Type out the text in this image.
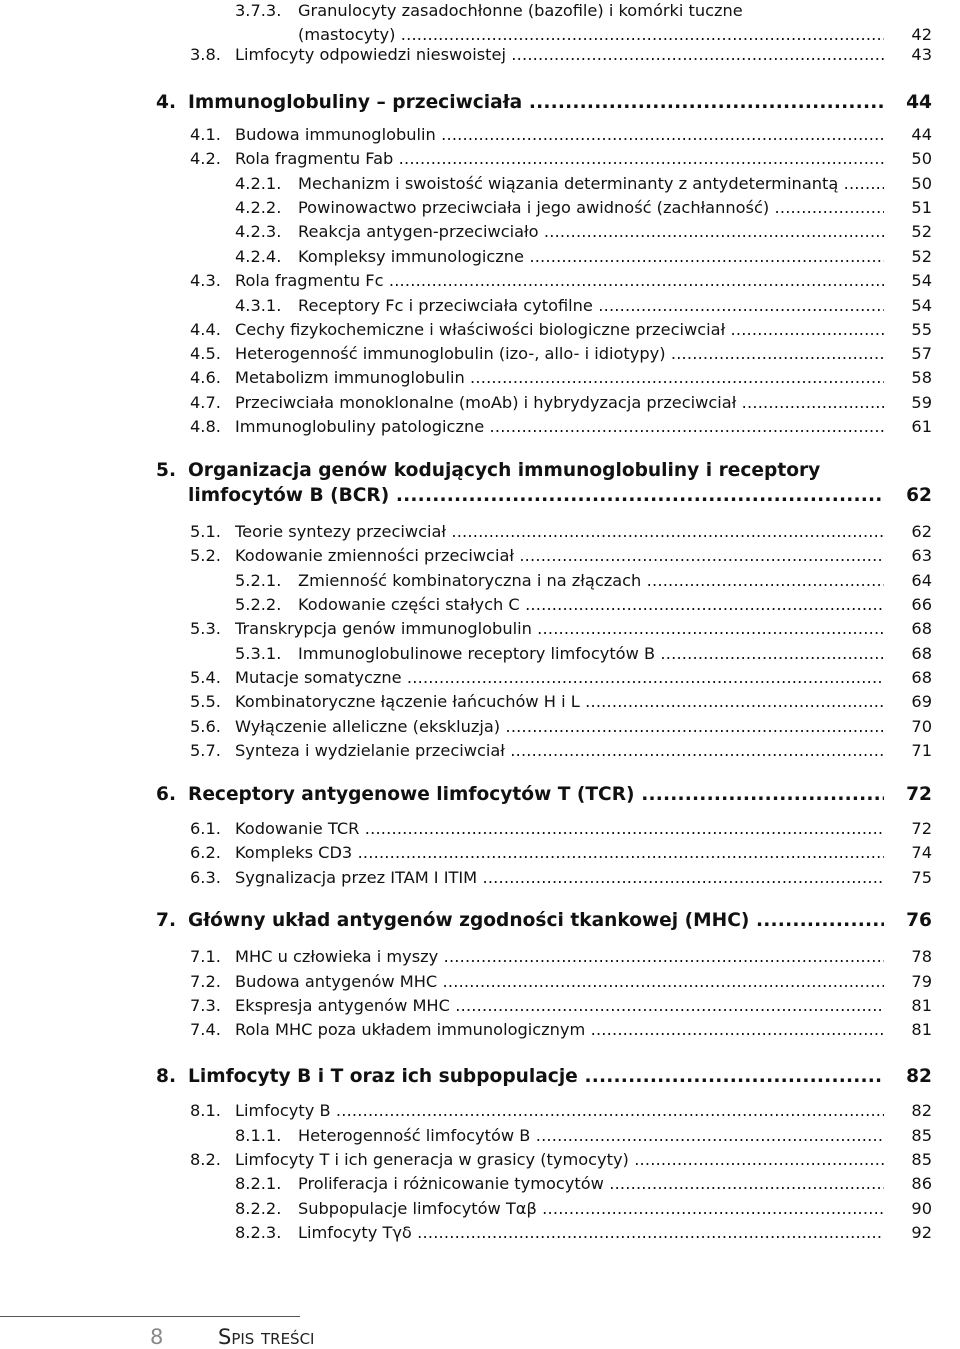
3.7.3. Granulocyty zasadochłonne (bazofile) i komórki tuczne
(mastocyty) .....	42
3.8. Limfocyty odpowiedzi nieswoistej .....	43
4. Immunoglobuliny – przeciwciała .....	44
4.1. Budowa immunoglobulin .....	44
4.2. Rola fragmentu Fab .....	50
4.2.1. Mechanizm i swoistość wiązania determinanty z antydeterminantą .....	50
4.2.2. Powinowactwo przeciwciała i jego awidność (zachłanność) .....	51
4.2.3. Reakcja antygen-przeciwciało .....	52
4.2.4. Kompleksy immunologiczne .....	52
4.3. Rola fragmentu Fc .....	54
4.3.1. Receptory Fc i przeciwciała cytofilne .....	54
4.4. Cechy fizykochemiczne i właściwości biologiczne przeciwciał .....	55
4.5. Heterogenność immunoglobulin (izo-, allo- i idiotypy) .....	57
4.6. Metabolizm immunoglobulin .....	58
4.7. Przeciwciała monoklonalne (moAb) i hybrydyzacja przeciwciał .....	59
4.8. Immunoglobuliny patologiczne .....	61
5. Organizacja genów kodujących immunoglobuliny i receptory
limfocytów B (BCR) .....	62
5.1. Teorie syntezy przeciwciał .....	62
5.2. Kodowanie zmienności przeciwciał .....	63
5.2.1. Zmienność kombinatoryczna i na złączach .....	64
5.2.2. Kodowanie części stałych C .....	66
5.3. Transkrypcja genów immunoglobulin .....	68
5.3.1. Immunoglobulinowe receptory limfocytów B .....	68
5.4. Mutacje somatyczne .....	68
5.5. Kombinatoryczne łączenie łańcuchów H i L .....	69
5.6. Wyłączenie alleliczne (ekskluzja) .....	70
5.7. Synteza i wydzielanie przeciwciał .....	71
6. Receptory antygenowe limfocytów T (TCR) .....	72
6.1. Kodowanie TCR .....	72
6.2. Kompleks CD3 .....	74
6.3. Sygnalizacja przez ITAM I ITIM .....	75
7. Główny układ antygenów zgodności tkankowej (MHC) .....	76
7.1. MHC u człowieka i myszy .....	78
7.2. Budowa antygenów MHC .....	79
7.3. Ekspresja antygenów MHC .....	81
7.4. Rola MHC poza układem immunologicznym .....	81
8. Limfocyty B i T oraz ich subpopulacje .....	82
8.1. Limfocyty B .....	82
8.1.1. Heterogenność limfocytów B .....	85
8.2. Limfocyty T i ich generacja w grasicy (tymocyty) .....	85
8.2.1. Proliferacja i różnicowanie tymocytów .....	86
8.2.2. Subpopulacje limfocytów Tαβ .....	90
8.2.3. Limfocyty Tγδ .....	92
8	Spis treści
